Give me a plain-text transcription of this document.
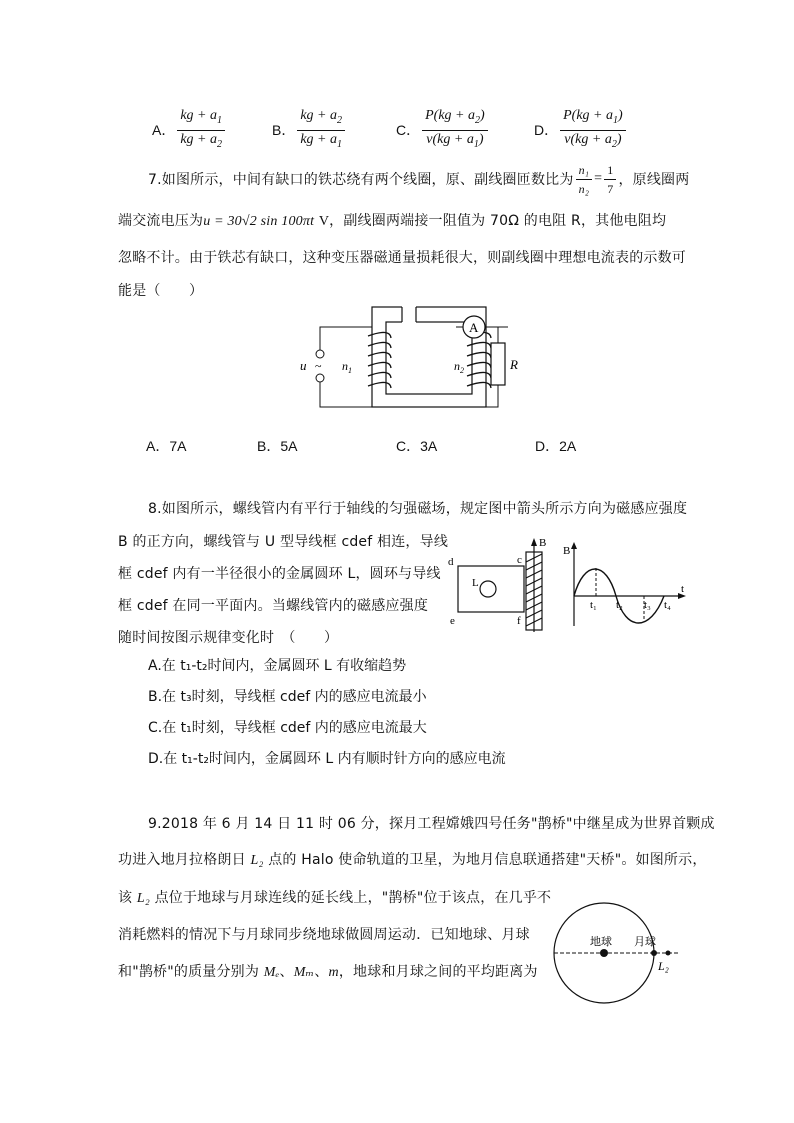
A． $\frac{kg + a_1}{kg + a_2}$	B． $\frac{kg + a_2}{kg + a_1}$	C． $\frac{P(kg + a_2)}{v(kg + a_1)}$	D． $\frac{P(kg + a_1)}{v(kg + a_2)}$
7.如图所示，中间有缺口的铁芯绕有两个线圈，原、副线圈匝数比为 $\frac{\text{n₁}}{\text{n₂}} = \frac{1}{7}$ ，原线圈两
端交流电压为u = 30√2 sin 100πt V，副线圈两端接一阻值为 70Ω 的电阻 R，其他电阻均
忽略不计。由于铁芯有缺口，这种变压器磁通量损耗很大，则副线圈中理想电流表的示数可
能是（　　）
~
u	$n_1$	$n_2$
A
R
A．7A	B．5A	C．3A	D．2A
8.如图所示，螺线管内有平行于轴线的匀强磁场，规定图中箭头所示方向为磁感应强度
B 的正方向，螺线管与 U 型导线框 cdef 相连，导线
框 cdef 内有一半径很小的金属圆环 L，圆环与导线
框 cdef 在同一平面内。当螺线管内的磁感应强度
随时间按图示规律变化时　（　　）
L
d	c
e	f
B
B
t
t₁ t₂ t₃ t₄
A.在 t₁-t₂时间内，金属圆环 L 有收缩趋势
B.在 t₃时刻，导线框 cdef 内的感应电流最小
C.在 t₁时刻，导线框 cdef 内的感应电流最大
D.在 t₁-t₂时间内，金属圆环 L 内有顺时针方向的感应电流
9.2018 年 6 月 14 日 11 时 06 分，探月工程嫦娥四号任务"鹊桥"中继星成为世界首颗成
功进入地月拉格朗日 L₂ 点的 Halo 使命轨道的卫星，为地月信息联通搭建"天桥"。如图所示，
该 L₂ 点位于地球与月球连线的延长线上，"鹊桥"位于该点，在几乎不
消耗燃料的情况下与月球同步绕地球做圆周运动．已知地球、月球
和"鹊桥"的质量分别为 Mₑ、Mₘ、m，地球和月球之间的平均距离为
地球 月球
L₂
